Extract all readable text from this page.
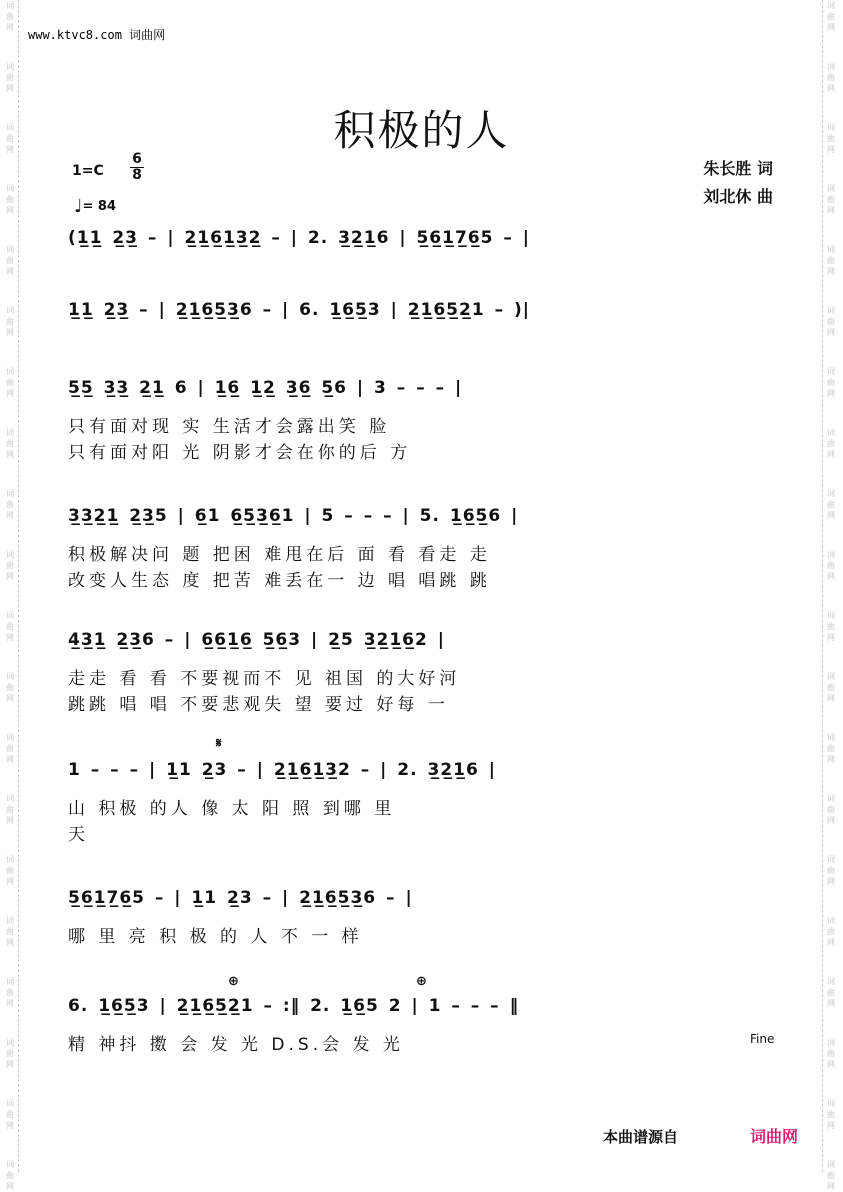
词
曲
网
词
曲
网
词
曲
网
词
曲
网
词
曲
网
词
曲
网
词
曲
网
词
曲
网
词
曲
网
词
曲
网
词
曲
网
词
曲
网
词
曲
网
词
曲
网
词
曲
网
词
曲
网
词
曲
网
词
曲
网
词
曲
网
词
曲
网
词
曲
网
词
曲
网
词
曲
网
词
曲
网
词
曲
网
词
曲
网
词
曲
网
词
曲
网
词
曲
网
词
曲
网
词
曲
网
词
曲
网
词
曲
网
词
曲
网
词
曲
网
词
曲
网
词
曲
网
词
曲
网
词
曲
网
词
曲
网
www.ktvc8.com 词曲网
积极的人
1=C
6
8
♩= 84
朱长胜 词
刘北休 曲
(1̲1̲ 2̲3̲ – | 2̲1̲6̲1̲3̲2̲ – | 2. 3̲2̲1̲6 | 5̲6̲1̲7̲6̲5 – |
1̲1̲ 2̲3̲ – | 2̲1̲6̲5̲3̲6 – | 6. 1̲6̲5̲3 | 2̲1̲6̲5̲2̲1 – )|
5̲5̲ 3̲3̲ 2̲1̲ 6 | 1̲6̲ 1̲2̲ 3̲6̲ 5̲6 | 3 – – – |
只有面对现 实 生活才会露出笑 脸
只有面对阳 光 阴影才会在你的后 方
3̲3̲2̲1̲ 2̲3̲5 | 6̲1 6̲5̲3̲6̲1 | 5 – – – | 5. 1̲6̲5̲6 |
积极解决问 题 把困 难甩在后 面 看 看走 走
改变人生态 度 把苦 难丢在一 边 唱 唱跳 跳
4̲3̲1̲ 2̲3̲6 – | 6̲6̲1̲6̲ 5̲6̲3 | 2̲5 3̲2̲1̲6̲2 |
走走 看 看 不要视而不 见 祖国 的大好河
跳跳 唱 唱 不要悲观失 望 要过 好每 一
𝄋
1 – – – | 1̲1 2̲3 – | 2̲1̲6̲1̲3̲2 – | 2. 3̲2̲1̲6 |
山 积极 的人 像 太 阳 照 到哪 里
天
5̲6̲1̲7̲6̲5 – | 1̲1 2̲3 – | 2̲1̲6̲5̲3̲6 – |
哪 里 亮 积 极 的 人 不 一 样
⊕	⊕
6. 1̲6̲5̲3 | 2̲1̲6̲5̲2̲1 – :‖ 2. 1̲6̲5 2 | 1 – – – ‖
精 神抖 擞 会 发 光 D.S.会 发 光	Fine
本曲谱源自	词曲网
